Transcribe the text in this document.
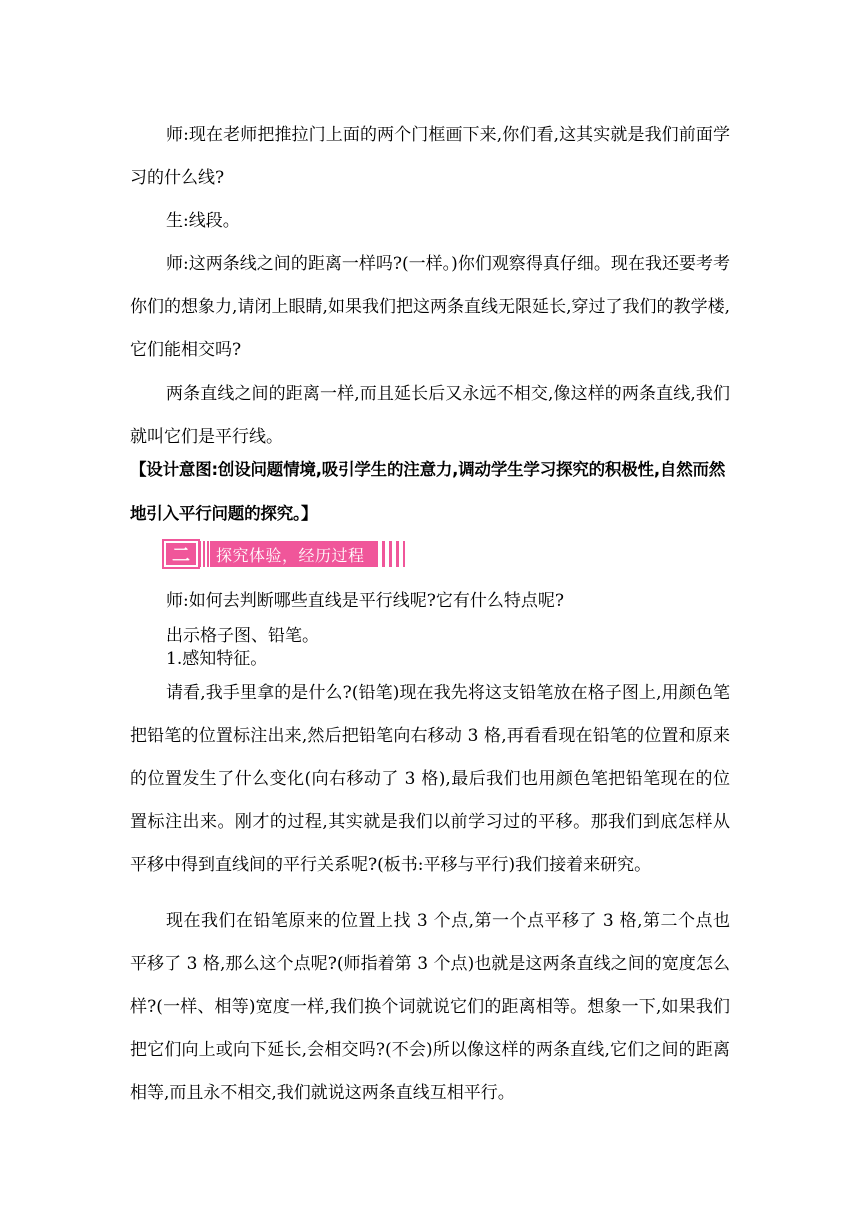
师:现在老师把推拉门上面的两个门框画下来,你们看,这其实就是我们前面学习的什么线?

生:线段。

师:这两条线之间的距离一样吗?(一样。)你们观察得真仔细。现在我还要考考你们的想象力,请闭上眼睛,如果我们把这两条直线无限延长,穿过了我们的教学楼,它们能相交吗?

两条直线之间的距离一样,而且延长后又永远不相交,像这样的两条直线,我们就叫它们是平行线。

【设计意图:创设问题情境,吸引学生的注意力,调动学生学习探究的积极性,自然而然地引入平行问题的探究。】

二	探究体验，经历过程

师:如何去判断哪些直线是平行线呢?它有什么特点呢?

出示格子图、铅笔。

1.感知特征。

请看,我手里拿的是什么?(铅笔)现在我先将这支铅笔放在格子图上,用颜色笔把铅笔的位置标注出来,然后把铅笔向右移动 3 格,再看看现在铅笔的位置和原来的位置发生了什么变化(向右移动了 3 格),最后我们也用颜色笔把铅笔现在的位置标注出来。刚才的过程,其实就是我们以前学习过的平移。那我们到底怎样从平移中得到直线间的平行关系呢?(板书:平移与平行)我们接着来研究。

现在我们在铅笔原来的位置上找 3 个点,第一个点平移了 3 格,第二个点也平移了 3 格,那么这个点呢?(师指着第 3 个点)也就是这两条直线之间的宽度怎么样?(一样、相等)宽度一样,我们换个词就说它们的距离相等。想象一下,如果我们把它们向上或向下延长,会相交吗?(不会)所以像这样的两条直线,它们之间的距离相等,而且永不相交,我们就说这两条直线互相平行。
